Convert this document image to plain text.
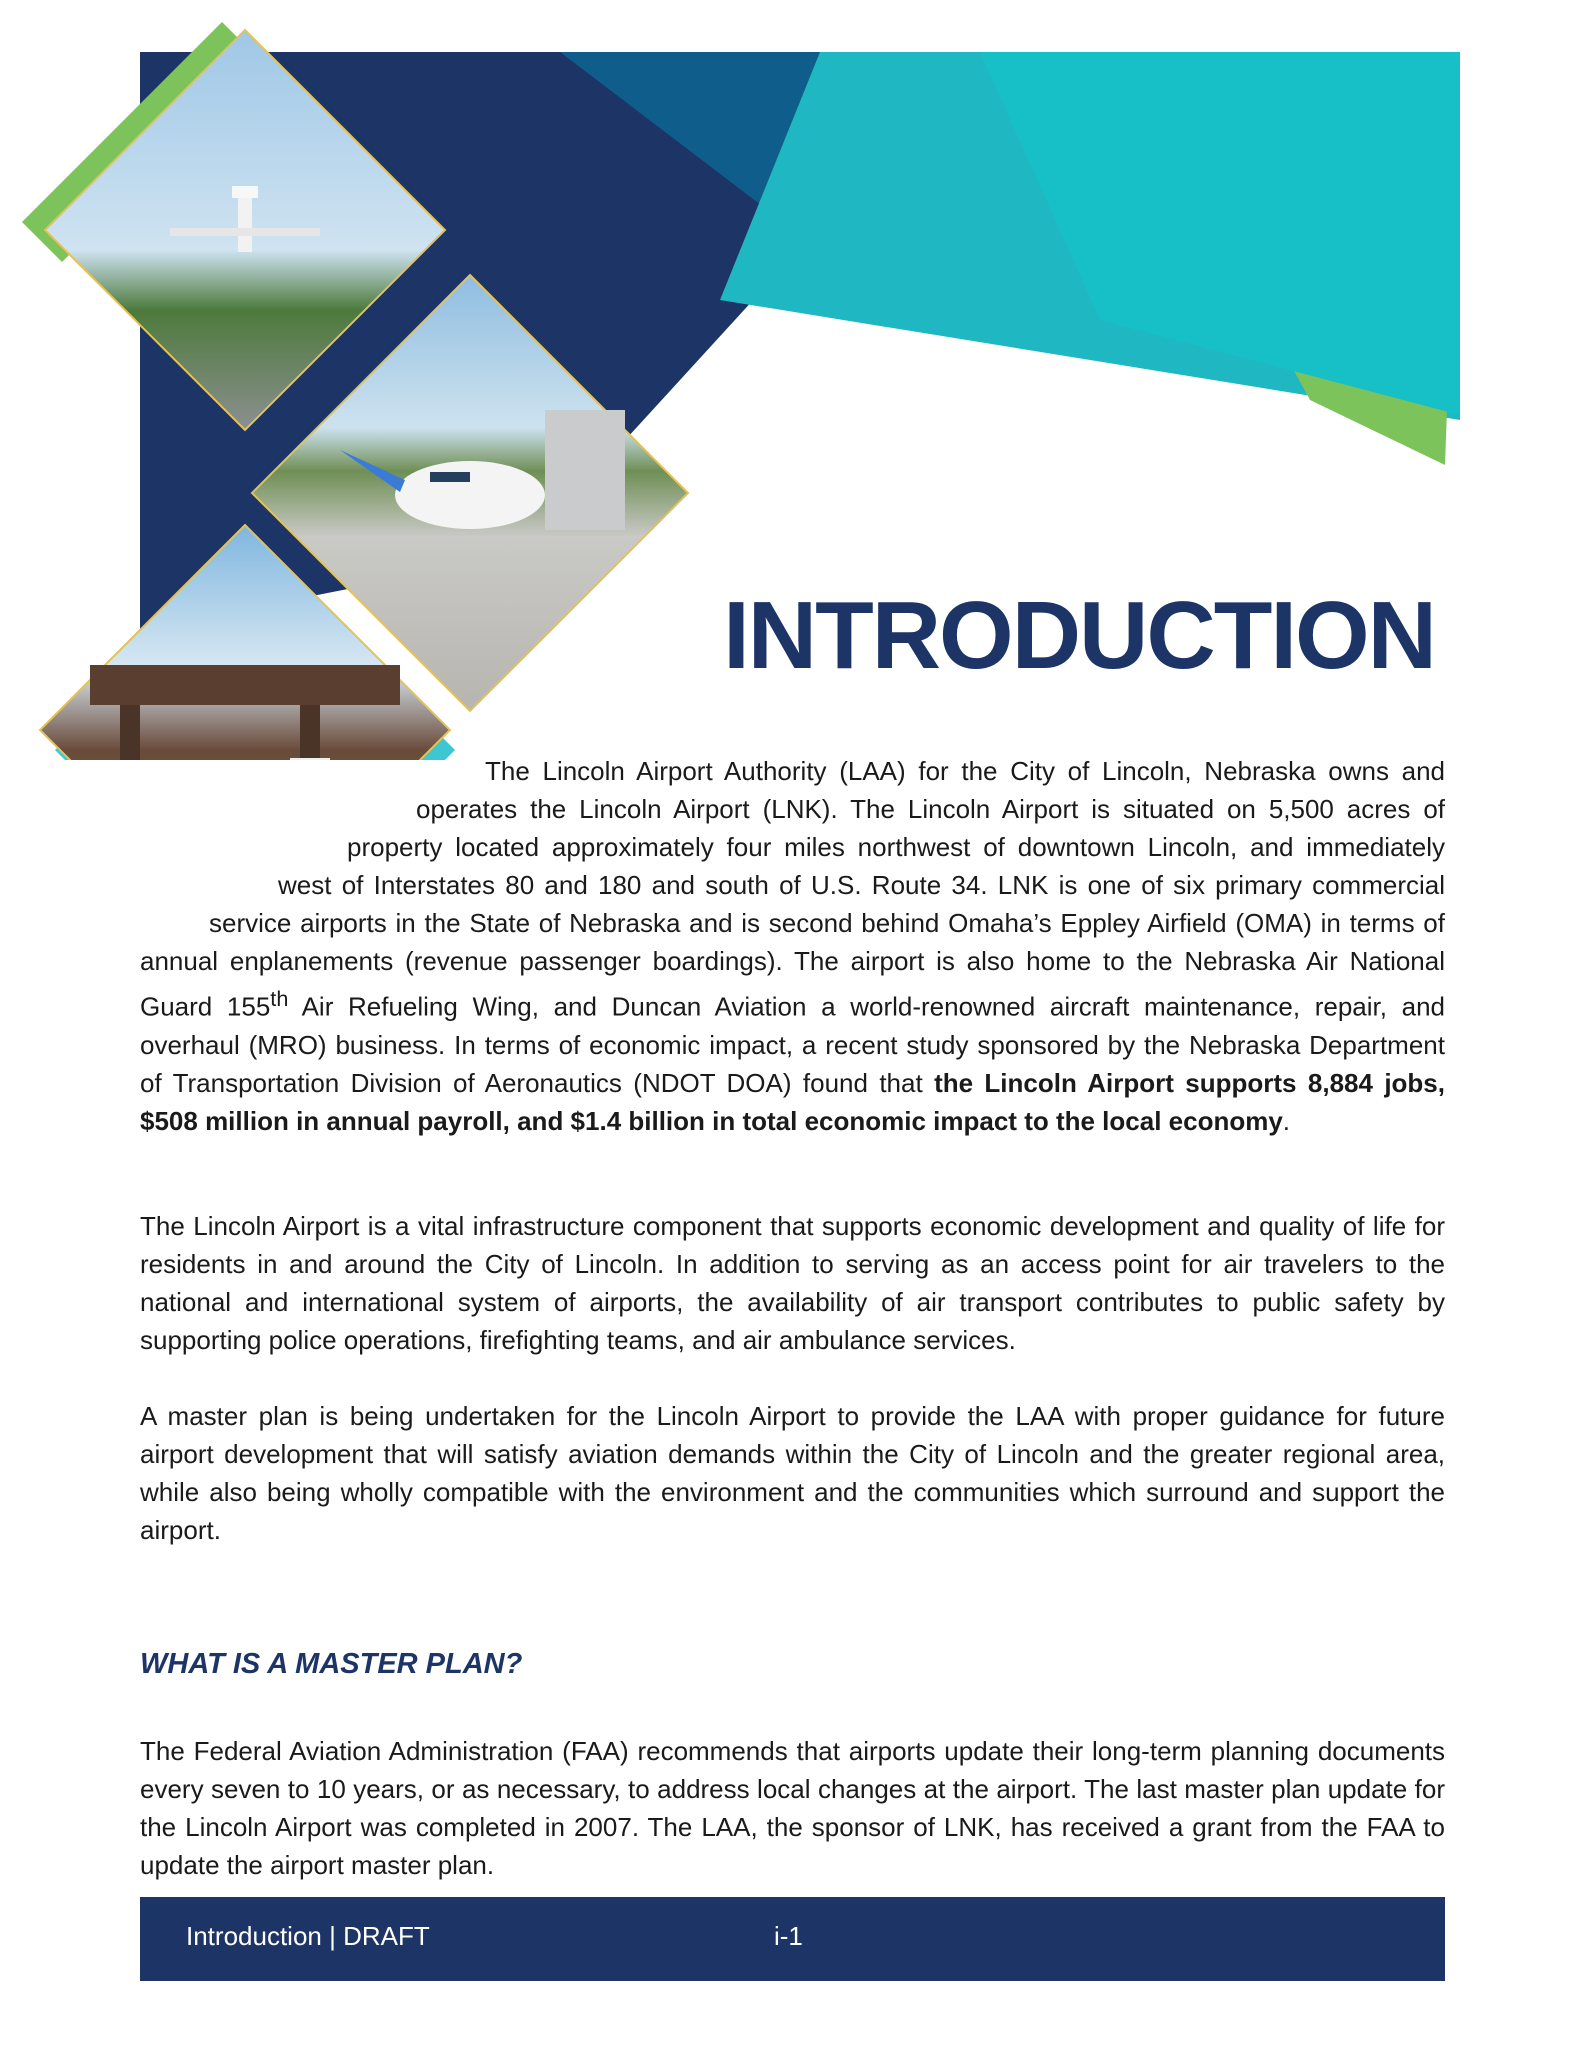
INTRODUCTION

The Lincoln Airport Authority (LAA) for the City of Lincoln, Nebraska owns and operates the Lincoln Airport (LNK). The Lincoln Airport is situated on 5,500 acres of property located approximately four miles northwest of downtown Lincoln, and immediately west of Interstates 80 and 180 and south of U.S. Route 34. LNK is one of six primary commercial service airports in the State of Nebraska and is second behind Omaha’s Eppley Airfield (OMA) in terms of annual enplanements (revenue passenger boardings). The airport is also home to the Nebraska Air National Guard 155th Air Refueling Wing, and Duncan Aviation a world-renowned aircraft maintenance, repair, and overhaul (MRO) business. In terms of economic impact, a recent study sponsored by the Nebraska Department of Transportation Division of Aeronautics (NDOT DOA) found that the Lincoln Airport supports 8,884 jobs, $508 million in annual payroll, and $1.4 billion in total economic impact to the local economy.

The Lincoln Airport is a vital infrastructure component that supports economic development and quality of life for residents in and around the City of Lincoln. In addition to serving as an access point for air travelers to the national and international system of airports, the availability of air transport contributes to public safety by supporting police operations, firefighting teams, and air ambulance services.

A master plan is being undertaken for the Lincoln Airport to provide the LAA with proper guidance for future airport development that will satisfy aviation demands within the City of Lincoln and the greater regional area, while also being wholly compatible with the environment and the communities which surround and support the airport.

WHAT IS A MASTER PLAN?

The Federal Aviation Administration (FAA) recommends that airports update their long-term planning documents every seven to 10 years, or as necessary, to address local changes at the airport. The last master plan update for the Lincoln Airport was completed in 2007. The LAA, the sponsor of LNK, has received a grant from the FAA to update the airport master plan.

Introduction | DRAFT	i-1
